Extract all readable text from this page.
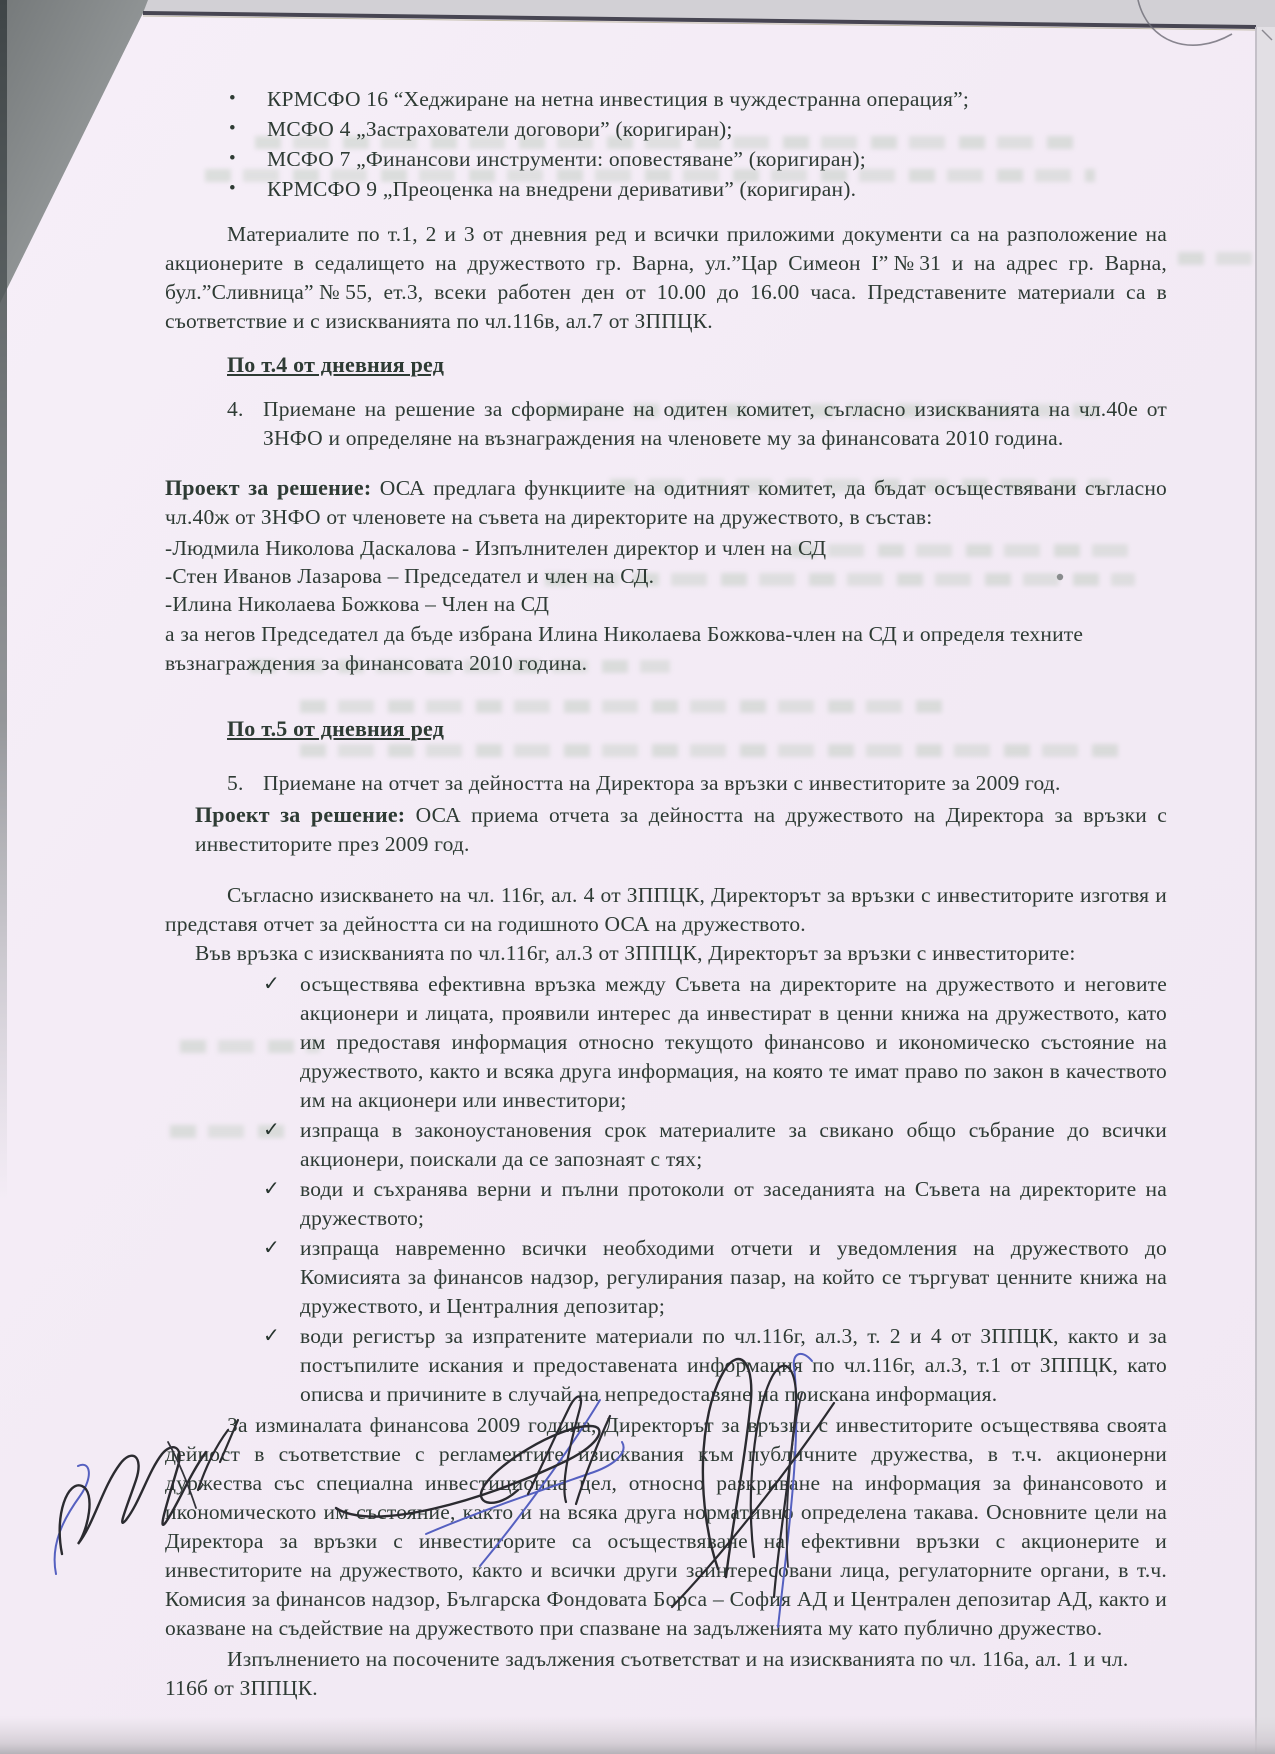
•	КРМСФО 16 “Хеджиране на нетна инвестиция в чуждестранна операция”;
•	МСФО 4 „Застрахователи договори” (коригиран);
•	МСФО 7 „Финансови инструменти: оповестяване” (коригиран);
•	КРМСФО 9 „Преоценка на внедрени деривативи” (коригиран).

Материалите по т.1, 2 и 3 от дневния ред и всички приложими документи са на разположение на акционерите в седалището на дружеството гр. Варна, ул.”Цар Симеон I”№31 и на адрес гр. Варна, бул.”Сливница”№55, ет.3, всеки работен ден от 10.00 до 16.00 часа. Представените материали са в съответствие и с изискванията по чл.116в, ал.7 от ЗППЦК.

По т.4 от дневния ред

4. Приемане на решение за сформиране на одитен комитет, съгласно изискванията на чл.40е от ЗНФО и определяне на възнаграждения на членовете му за финансовата 2010 година.

Проект за решение: ОСА предлага функциите на одитният комитет, да бъдат осъществявани съгласно чл.40ж от ЗНФО от членовете на съвета на директорите на дружеството, в състав:

-Людмила Николова Даскалова - Изпълнителен директор и член на СД

-Стен Иванов Лазарова – Председател и член на СД.

-Илина Николаева Божкова – Член на СД

а за негов Председател да бъде избрана Илина Николаева Божкова-член на СД и определя техните възнаграждения за финансовата 2010 година.

По т.5 от дневния ред

5. Приемане на отчет за дейността на Директора за връзки с инвеститорите за 2009 год.

Проект за решение: ОСА приема отчета за дейността на дружеството на Директора за връзки с инвеститорите през 2009 год.

Съгласно изискването на чл. 116г, ал. 4 от ЗППЦК, Директорът за връзки с инвеститорите изготвя и представя отчет за дейността си на годишното ОСА на дружеството.

Във връзка с изискванията по чл.116г, ал.3 от ЗППЦК, Директорът за връзки с инвеститорите:

✓ осъществява ефективна връзка между Съвета на директорите на дружеството и неговите акционери и лицата, проявили интерес да инвестират в ценни книжа на дружеството, като им предоставя информация относно текущото финансово и икономическо състояние на дружеството, както и всяка друга информация, на която те имат право по закон в качеството им на акционери или инвеститори;
✓ изпраща в законоустановения срок материалите за свикано общо събрание до всички акционери, поискали да се запознаят с тях;
✓ води и съхранява верни и пълни протоколи от заседанията на Съвета на директорите на дружеството;
✓ изпраща навременно всички необходими отчети и уведомления на дружеството до Комисията за финансов надзор, регулирания пазар, на който се търгуват ценните книжа на дружеството, и Централния депозитар;
✓ води регистър за изпратените материали по чл.116г, ал.3, т. 2 и 4 от ЗППЦК, както и за постъпилите искания и предоставената информация по чл.116г, ал.3, т.1 от ЗППЦК, като описва и причините в случай на непредоставяне на поискана информация.

За изминалата финансова 2009 година, Директорът за връзки с инвеститорите осъществява своята дейност в съответствие с регламентите изисквания към публичните дружества, в т.ч. акционерни дуржества със специална инвестиционна цел, относно разкриване на информация за финансовото и икономическото им състояние, както и на всяка друга нормативно определена такава. Основните цели на Директора за връзки с инвеститорите са осъществяване на ефективни връзки с акционерите и инвеститорите на дружеството, както и всички други заинтересовани лица, регулаторните органи, в т.ч. Комисия за финансов надзор, Българска Фондовата Борса – София АД и Централен депозитар АД, както и оказване на съдействие на дружеството при спазване на задълженията му като публично дружество.

Изпълнението на посочените задължения съответстват и на изискванията по чл. 116а, ал. 1 и чл. 116б от ЗППЦК.
